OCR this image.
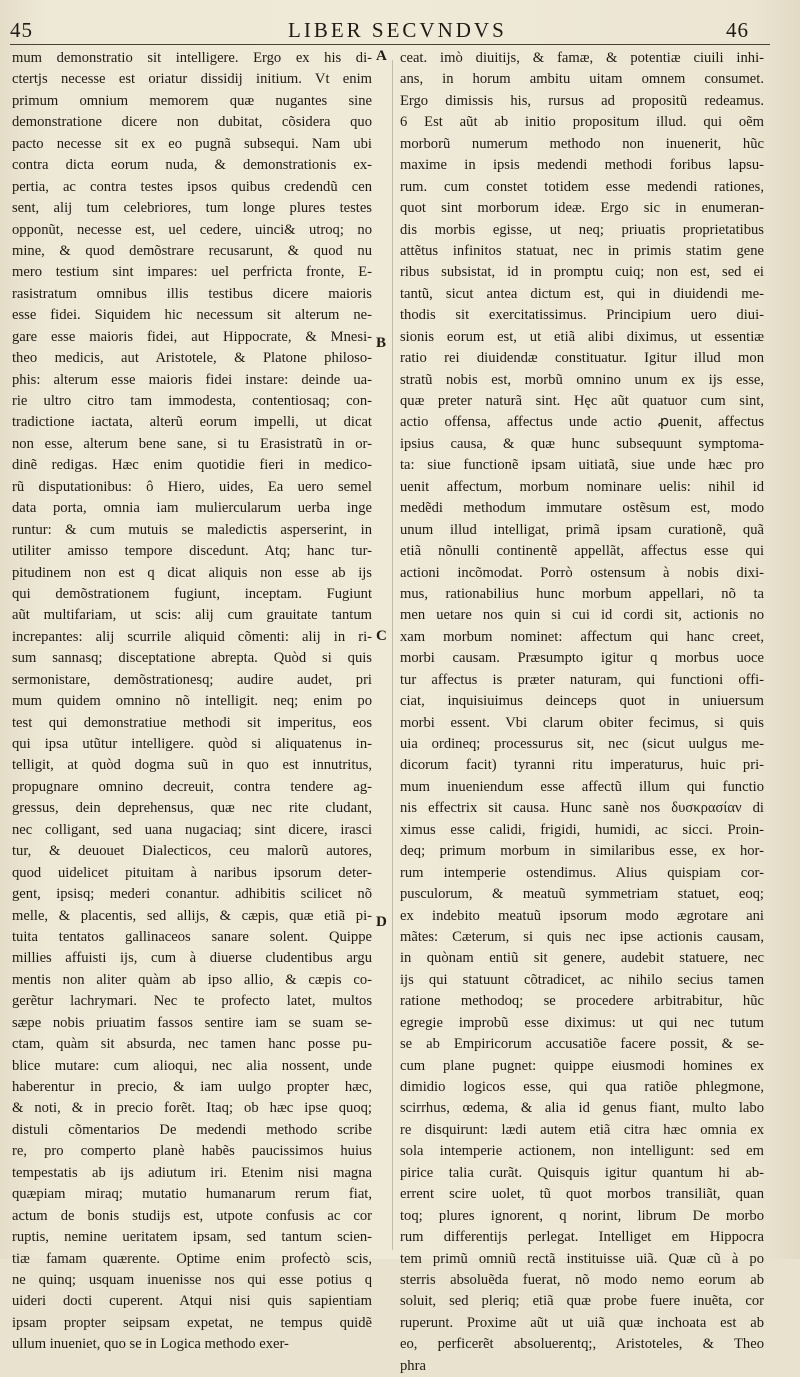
45	LIBER SECVNDVS	46
A
B
C
D
mum demonstratio sit intelligere. Ergo ex his di-
ctertjs necesse est oriatur dissidij initium. Vt enim
primum omnium memorem quæ nugantes sine
demonstratione dicere non dubitat, cõsidera quo
pacto necesse sit ex eo pugnã subsequi. Nam ubi
contra dicta eorum nuda, & demonstrationis ex-
pertia, ac contra testes ipsos quibus credendũ cen
sent, alij tum celebriores, tum longe plures testes
opponũt, necesse est, uel cedere, uinci& utroq; no
mine, & quod demõstrare recusarunt, & quod nu
mero testium sint impares: uel perfricta fronte, E-
rasistratum omnibus illis testibus dicere maioris
esse fidei. Siquidem hic necessum sit alterum ne-
gare esse maioris fidei, aut Hippocrate, & Mnesi-
theo medicis, aut Aristotele, & Platone philoso-
phis: alterum esse maioris fidei instare: deinde ua-
rie ultro citro tam immodesta, contentiosaq; con-
tradictione iactata, alterũ eorum impelli, ut dicat
non esse, alterum bene sane, si tu Erasistratũ in or-
dinẽ redigas. Hæc enim quotidie fieri in medico-
rũ disputationibus: ô Hiero, uides, Ea uero semel
data porta, omnia iam muliercularum uerba inge
runtur: & cum mutuis se maledictis asperserint, in
utiliter amisso tempore discedunt. Atq; hanc tur-
pitudinem non est q dicat aliquis non esse ab ijs
qui demõstrationem fugiunt, inceptam. Fugiunt
aũt multifariam, ut scis: alij cum grauitate tantum
increpantes: alij scurrile aliquid cõmenti: alij in ri-
sum sannasq; disceptatione abrepta. Quòd si quis
sermonistare, demõstrationesq; audire audet, pri
mum quidem omnino nõ intelligit. neq; enim po
test qui demonstratiue methodi sit imperitus, eos
qui ipsa utũtur intelligere. quòd si aliquatenus in-
telligit, at quòd dogma suũ in quo est innutritus,
propugnare omnino decreuit, contra tendere ag-
gressus, dein deprehensus, quæ nec rite cludant,
nec colligant, sed uana nugaciaq; sint dicere, irasci
tur, & deuouet Dialecticos, ceu malorũ autores,
quod uidelicet pituitam à naribus ipsorum deter-
gent, ipsisq; mederi conantur. adhibitis scilicet nõ
melle, & placentis, sed allijs, & cæpis, quæ etiã pi-
tuita tentatos gallinaceos sanare solent. Quippe
millies affuisti ijs, cum à diuerse cludentibus argu
mentis non aliter quàm ab ipso allio, & cæpis co-
gerẽtur lachrymari. Nec te profecto latet, multos
sæpe nobis priuatim fassos sentire iam se suam se-
ctam, quàm sit absurda, nec tamen hanc posse pu-
blice mutare: cum alioqui, nec alia nossent, unde
haberentur in precio, & iam uulgo propter hæc,
& noti, & in precio forẽt. Itaq; ob hæc ipse quoq;
distuli cõmentarios De medendi methodo scribe
re, pro comperto planè habẽs paucissimos huius
tempestatis ab ijs adiutum iri. Etenim nisi magna
quæpiam miraq; mutatio humanarum rerum fiat,
actum de bonis studijs est, utpote confusis ac cor
ruptis, nemine ueritatem ipsam, sed tantum scien-
tiæ famam quærente. Optime enim profectò scis,
ne quinq; usquam inuenisse nos qui esse potius q
uideri docti cuperent. Atqui nisi quis sapientiam
ipsam propter seipsam expetat, ne tempus quidẽ
ullum inueniet, quo se in Logica methodo exer-
ceat. imò diuitijs, & famæ, & potentiæ ciuili inhi-
ans, in horum ambitu uitam omnem consumet.
Ergo dimissis his, rursus ad propositũ redeamus.
6 Est aũt ab initio propositum illud. qui oẽm
morborũ numerum methodo non inuenerit, hũc
maxime in ipsis medendi methodi foribus lapsu-
rum. cum constet totidem esse medendi rationes,
quot sint morborum ideæ. Ergo sic in enumeran-
dis morbis egisse, ut neq; priuatis proprietatibus
attẽtus infinitos statuat, nec in primis statim gene
ribus subsistat, id in promptu cuiq; non est, sed ei
tantũ, sicut antea dictum est, qui in diuidendi me-
thodis sit exercitatissimus. Principium uero diui-
sionis eorum est, ut etiã alibi diximus, ut essentiæ
ratio rei diuidendæ constituatur. Igitur illud mon
stratũ nobis est, morbũ omnino unum ex ijs esse,
quæ preter naturã sint. Hęc aũt quatuor cum sint,
actio offensa, affectus unde actio ꝓuenit, affectus
ipsius causa, & quæ hunc subsequunt symptoma-
ta: siue functionẽ ipsam uitiatã, siue unde hæc pro
uenit affectum, morbum nominare uelis: nihil id
medẽdi methodum immutare ostẽsum est, modo
unum illud intelligat, primã ipsam curationẽ, quã
etiã nõnulli continentẽ appellãt, affectus esse qui
actioni incõmodat. Porrò ostensum à nobis dixi-
mus, rationabilius hunc morbum appellari, nõ ta
men uetare nos quin si cui id cordi sit, actionis no
xam morbum nominet: affectum qui hanc creet,
morbi causam. Præsumpto igitur q morbus uoce
tur affectus is præter naturam, qui functioni offi-
ciat, inquisiuimus deinceps quot in uniuersum
morbi essent. Vbi clarum obiter fecimus, si quis
uia ordineq; processurus sit, nec (sicut uulgus me-
dicorum facit) tyranni ritu imperaturus, huic pri-
mum inueniendum esse affectũ illum qui functio
nis effectrix sit causa. Hunc sanè nos δυσκρασίαν di
ximus esse calidi, frigidi, humidi, ac sicci. Proin-
deq; primum morbum in similaribus esse, ex hor-
rum intemperie ostendimus. Alius quispiam cor-
pusculorum, & meatuũ symmetriam statuet, eoq;
ex indebito meatuũ ipsorum modo ægrotare ani
mãtes: Cæterum, si quis nec ipse actionis causam,
in quònam entiũ sit genere, audebit statuere, nec
ijs qui statuunt cõtradicet, ac nihilo secius tamen
ratione methodoq; se procedere arbitrabitur, hũc
egregie improbũ esse diximus: ut qui nec tutum
se ab Empiricorum accusatiõe facere possit, & se-
cum plane pugnet: quippe eiusmodi homines ex
dimidio logicos esse, qui qua ratiõe phlegmone,
scirrhus, œdema, & alia id genus fiant, multo labo
re disquirunt: lædi autem etiã citra hæc omnia ex
sola intemperie actionem, non intelligunt: sed em
pirice talia curãt. Quisquis igitur quantum hi ab-
errent scire uolet, tũ quot morbos transiliãt, quan
toq; plures ignorent, q norint, librum De morbo
rum differentijs perlegat. Intelliget em Hippocra
tem primũ omniũ rectã instituisse uiã. Quæ cũ à po
sterris absoluẽda fuerat, nõ modo nemo eorum ab
soluit, sed pleriq; etiã quæ probe fuere inuẽta, cor
ruperunt. Proxime aũt ut uiã quæ inchoata est ab
eo, perficerẽt absoluerentq;, Aristoteles, & Theo
phra
